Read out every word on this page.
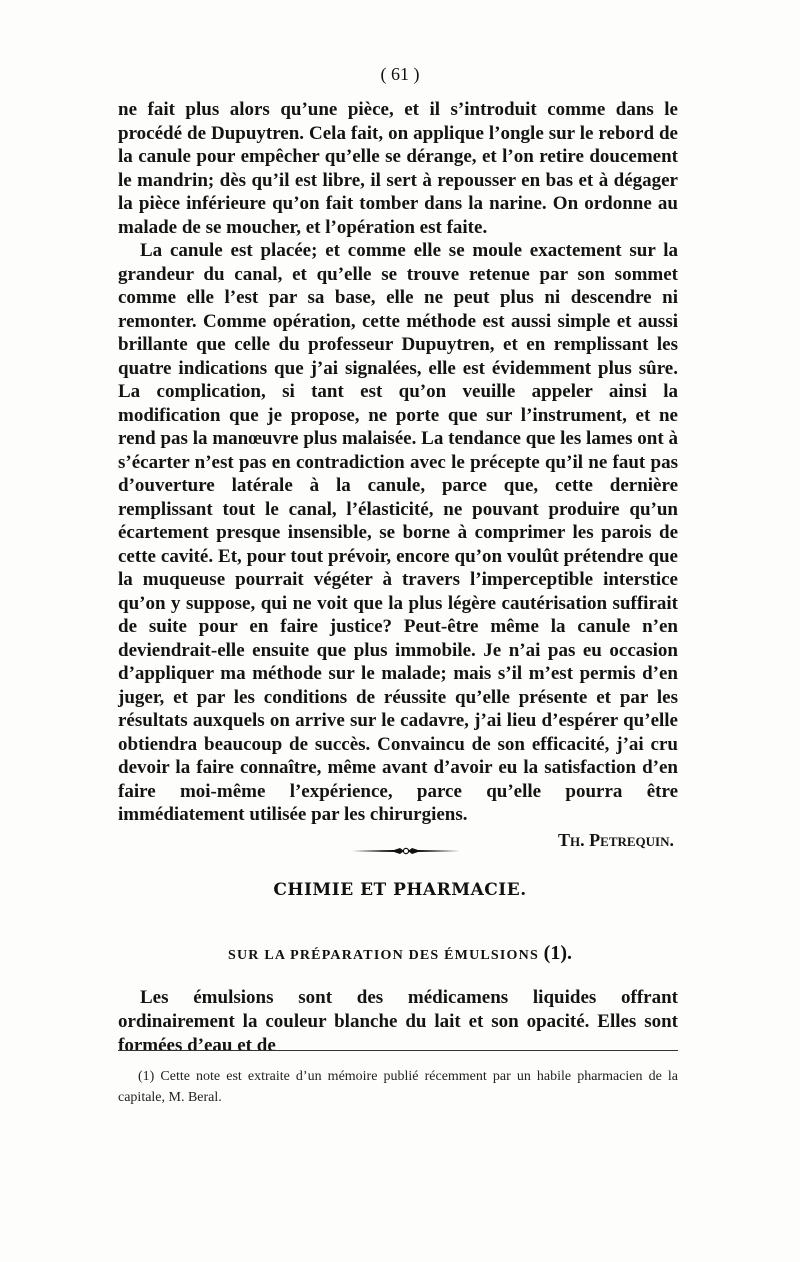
( 61 )

ne fait plus alors qu’une pièce, et il s’introduit comme dans le procédé de Dupuytren. Cela fait, on applique l’ongle sur le rebord de la canule pour empêcher qu’elle se dérange, et l’on retire doucement le mandrin; dès qu’il est libre, il sert à repousser en bas et à dégager la pièce inférieure qu’on fait tomber dans la narine. On ordonne au malade de se moucher, et l’opération est faite.

La canule est placée; et comme elle se moule exactement sur la grandeur du canal, et qu’elle se trouve retenue par son sommet comme elle l’est par sa base, elle ne peut plus ni descendre ni remonter. Comme opération, cette méthode est aussi simple et aussi brillante que celle du professeur Dupuytren, et en remplissant les quatre indications que j’ai signalées, elle est évidemment plus sûre. La complication, si tant est qu’on veuille appeler ainsi la modification que je propose, ne porte que sur l’instrument, et ne rend pas la manœuvre plus malaisée. La tendance que les lames ont à s’écarter n’est pas en contradiction avec le précepte qu’il ne faut pas d’ouverture latérale à la canule, parce que, cette dernière remplissant tout le canal, l’élasticité, ne pouvant produire qu’un écartement presque insensible, se borne à comprimer les parois de cette cavité. Et, pour tout prévoir, encore qu’on voulût prétendre que la muqueuse pourrait végéter à travers l’imperceptible interstice qu’on y suppose, qui ne voit que la plus légère cautérisation suffirait de suite pour en faire justice? Peut-être même la canule n’en deviendrait-elle ensuite que plus immobile. Je n’ai pas eu occasion d’appliquer ma méthode sur le malade; mais s’il m’est permis d’en juger, et par les conditions de réussite qu’elle présente et par les résultats auxquels on arrive sur le cadavre, j’ai lieu d’espérer qu’elle obtiendra beaucoup de succès. Convaincu de son efficacité, j’ai cru devoir la faire connaître, même avant d’avoir eu la satisfaction d’en faire moi-même l’expérience, parce qu’elle pourra être immédiatement utilisée par les chirurgiens.

Th. Petrequin.
CHIMIE ET PHARMACIE.
SUR LA PRÉPARATION DES ÉMULSIONS (1).

Les émulsions sont des médicamens liquides offrant ordinairement la couleur blanche du lait et son opacité. Elles sont formées d’eau et de

(1) Cette note est extraite d’un mémoire publié récemment par un habile pharmacien de la capitale, M. Beral.
